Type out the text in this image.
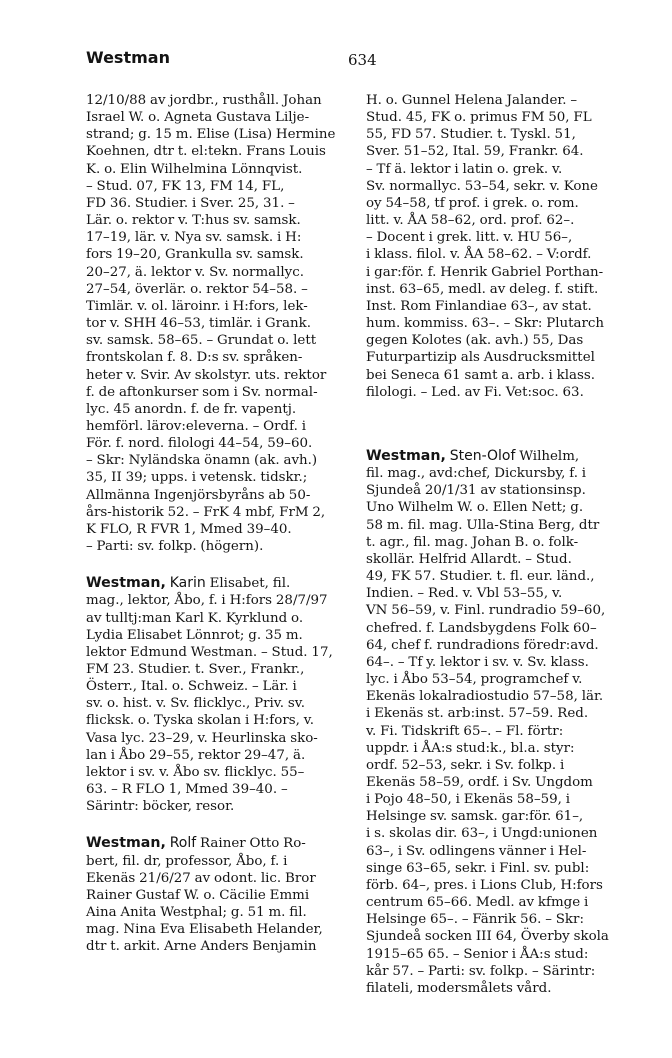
Westman	634
12/10/88 av jordbr., rusthåll. Johan
Israel W. o. Agneta Gustava Lilje-
strand; g. 15 m. Elise (Lisa) Hermine
Koehnen, dtr t. el:tekn. Frans Louis
K. o. Elin Wilhelmina Lönnqvist.
– Stud. 07, FK 13, FM 14, FL,
FD 36. Studier. i Sver. 25, 31. –
Lär. o. rektor v. T:hus sv. samsk.
17–19, lär. v. Nya sv. samsk. i H:
fors 19–20, Grankulla sv. samsk.
20–27, ä. lektor v. Sv. normallyc.
27–54, överlär. o. rektor 54–58. –
Timlär. v. ol. läroinr. i H:fors, lek-
tor v. SHH 46–53, timlär. i Grank.
sv. samsk. 58–65. – Grundat o. lett
frontskolan f. 8. D:s sv. språken-
heter v. Svir. Av skolstyr. uts. rektor
f. de aftonkurser som i Sv. normal-
lyc. 45 anordn. f. de fr. vapentj.
hemförl. lärov:eleverna. – Ordf. i
För. f. nord. filologi 44–54, 59–60.
– Skr: Nyländska önamn (ak. avh.)
35, II 39; upps. i vetensk. tidskr.;
Allmänna Ingenjörsbyråns ab 50-
års-historik 52. – FrK 4 mbf, FrM 2,
K FLO, R FVR 1, Mmed 39–40.
– Parti: sv. folkp. (högern).
Westman, Karin Elisabet, fil.
mag., lektor, Åbo, f. i H:fors 28/7/97
av tulltj:man Karl K. Kyrklund o.
Lydia Elisabet Lönnrot; g. 35 m.
lektor Edmund Westman. – Stud. 17,
FM 23. Studier. t. Sver., Frankr.,
Österr., Ital. o. Schweiz. – Lär. i
sv. o. hist. v. Sv. flicklyc., Priv. sv.
flicksk. o. Tyska skolan i H:fors, v.
Vasa lyc. 23–29, v. Heurlinska sko-
lan i Åbo 29–55, rektor 29–47, ä.
lektor i sv. v. Åbo sv. flicklyc. 55–
63. – R FLO 1, Mmed 39–40. –
Särintr: böcker, resor.
Westman, Rolf Rainer Otto Ro-
bert, fil. dr, professor, Åbo, f. i
Ekenäs 21/6/27 av odont. lic. Bror
Rainer Gustaf W. o. Cäcilie Emmi
Aina Anita Westphal; g. 51 m. fil.
mag. Nina Eva Elisabeth Helander,
dtr t. arkit. Arne Anders Benjamin
H. o. Gunnel Helena Jalander. –
Stud. 45, FK o. primus FM 50, FL
55, FD 57. Studier. t. Tyskl. 51,
Sver. 51–52, Ital. 59, Frankr. 64.
– Tf ä. lektor i latin o. grek. v.
Sv. normallyc. 53–54, sekr. v. Kone
oy 54–58, tf prof. i grek. o. rom.
litt. v. ÅA 58–62, ord. prof. 62–.
– Docent i grek. litt. v. HU 56–,
i klass. filol. v. ÅA 58–62. – V:ordf.
i gar:för. f. Henrik Gabriel Porthan-
inst. 63–65, medl. av deleg. f. stift.
Inst. Rom Finlandiae 63–, av stat.
hum. kommiss. 63–. – Skr: Plutarch
gegen Kolotes (ak. avh.) 55, Das
Futurpartizip als Ausdrucksmittel
bei Seneca 61 samt a. arb. i klass.
filologi. – Led. av Fi. Vet:soc. 63.
Westman, Sten-Olof Wilhelm,
fil. mag., avd:chef, Dickursby, f. i
Sjundeå 20/1/31 av stationsinsp.
Uno Wilhelm W. o. Ellen Nett; g.
58 m. fil. mag. Ulla-Stina Berg, dtr
t. agr., fil. mag. Johan B. o. folk-
skollär. Helfrid Allardt. – Stud.
49, FK 57. Studier. t. fl. eur. länd.,
Indien. – Red. v. Vbl 53–55, v.
VN 56–59, v. Finl. rundradio 59–60,
chefred. f. Landsbygdens Folk 60–
64, chef f. rundradions föredr:avd.
64–. – Tf y. lektor i sv. v. Sv. klass.
lyc. i Åbo 53–54, programchef v.
Ekenäs lokalradiostudio 57–58, lär.
i Ekenäs st. arb:inst. 57–59. Red.
v. Fi. Tidskrift 65–. – Fl. förtr:
uppdr. i ÅA:s stud:k., bl.a. styr:
ordf. 52–53, sekr. i Sv. folkp. i
Ekenäs 58–59, ordf. i Sv. Ungdom
i Pojo 48–50, i Ekenäs 58–59, i
Helsinge sv. samsk. gar:för. 61–,
i s. skolas dir. 63–, i Ungd:unionen
63–, i Sv. odlingens vänner i Hel-
singe 63–65, sekr. i Finl. sv. publ:
förb. 64–, pres. i Lions Club, H:fors
centrum 65–66. Medl. av kfmge i
Helsinge 65–. – Fänrik 56. – Skr:
Sjundeå socken III 64, Överby skola
1915–65 65. – Senior i ÅA:s stud:
kår 57. – Parti: sv. folkp. – Särintr:
filateli, modersmålets vård.
